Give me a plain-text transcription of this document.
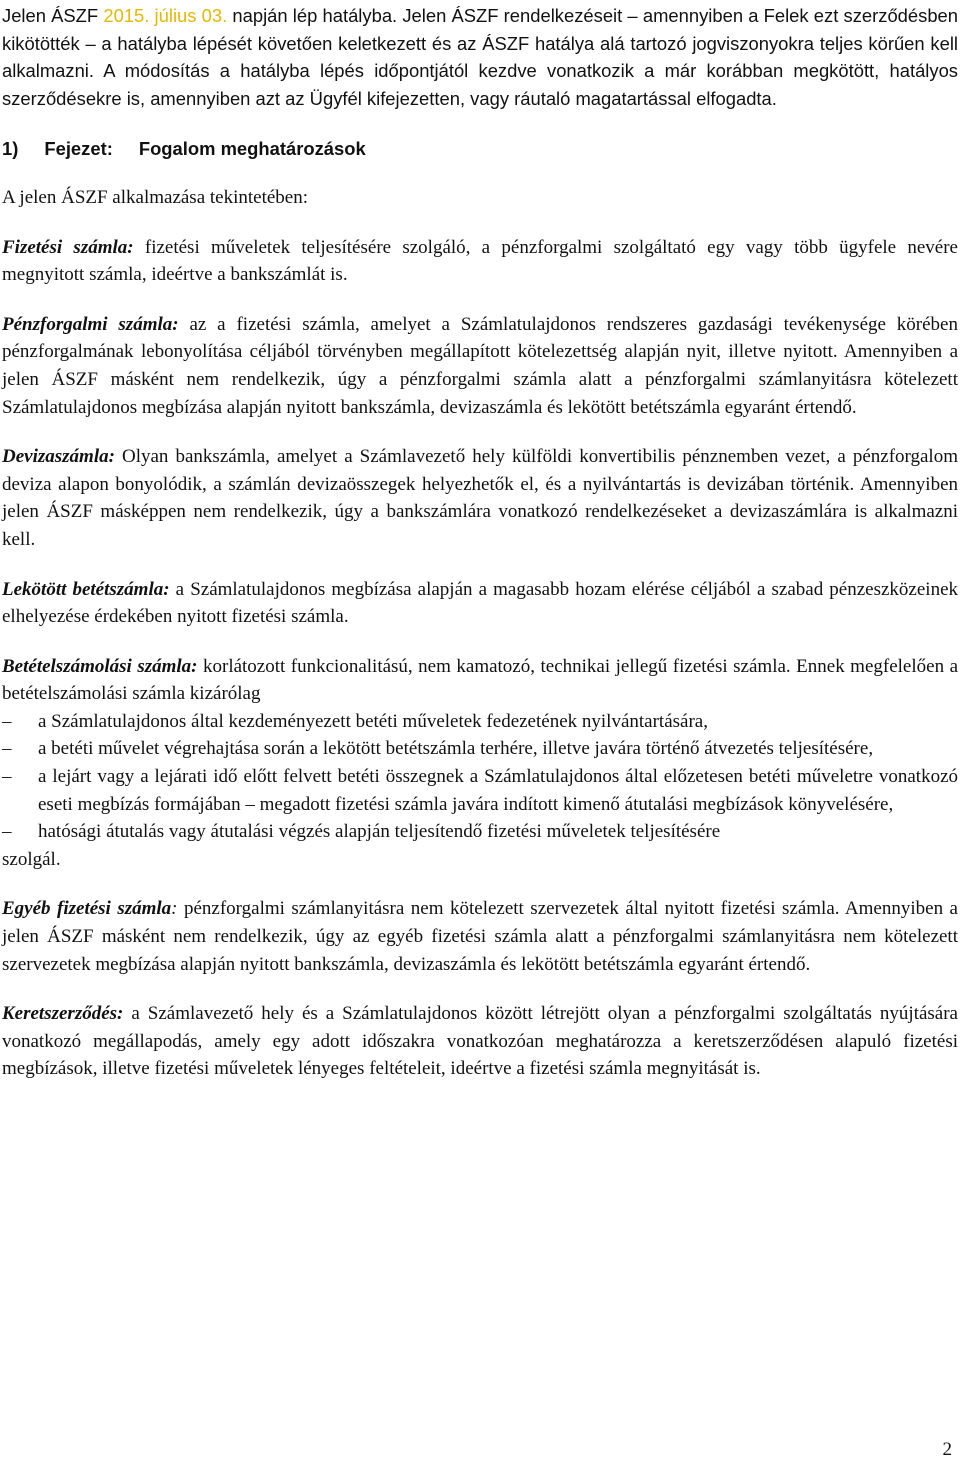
Jelen ÁSZF 2015. július 03. napján lép hatályba. Jelen ÁSZF rendelkezéseit – amennyiben a Felek ezt szerződésben kikötötték – a hatályba lépését követően keletkezett és az ÁSZF hatálya alá tartozó jogviszonyokra teljes körűen kell alkalmazni. A módosítás a hatályba lépés időpontjától kezdve vonatkozik a már korábban megkötött, hatályos szerződésekre is, amennyiben azt az Ügyfél kifejezetten, vagy ráutaló magatartással elfogadta.

1) Fejezet: Fogalom meghatározások

A jelen ÁSZF alkalmazása tekintetében:

Fizetési számla: fizetési műveletek teljesítésére szolgáló, a pénzforgalmi szolgáltató egy vagy több ügyfele nevére megnyitott számla, ideértve a bankszámlát is.

Pénzforgalmi számla: az a fizetési számla, amelyet a Számlatulajdonos rendszeres gazdasági tevékenysége körében pénzforgalmának lebonyolítása céljából törvényben megállapított kötelezettség alapján nyit, illetve nyitott. Amennyiben a jelen ÁSZF másként nem rendelkezik, úgy a pénzforgalmi számla alatt a pénzforgalmi számlanyitásra kötelezett Számlatulajdonos megbízása alapján nyitott bankszámla, devizaszámla és lekötött betétszámla egyaránt értendő.

Devizaszámla: Olyan bankszámla, amelyet a Számlavezető hely külföldi konvertibilis pénznemben vezet, a pénzforgalom deviza alapon bonyolódik, a számlán devizaösszegek helyezhetők el, és a nyilvántartás is devizában történik. Amennyiben jelen ÁSZF másképpen nem rendelkezik, úgy a bankszámlára vonatkozó rendelkezéseket a devizaszámlára is alkalmazni kell.

Lekötött betétszámla: a Számlatulajdonos megbízása alapján a magasabb hozam elérése céljából a szabad pénzeszközeinek elhelyezése érdekében nyitott fizetési számla.

Betételszámolási számla: korlátozott funkcionalitású, nem kamatozó, technikai jellegű fizetési számla. Ennek megfelelően a betételszámolási számla kizárólag

–	a Számlatulajdonos által kezdeményezett betéti műveletek fedezetének nyilvántartására,
–	a betéti művelet végrehajtása során a lekötött betétszámla terhére, illetve javára történő átvezetés teljesítésére,
–	a lejárt vagy a lejárati idő előtt felvett betéti összegnek a Számlatulajdonos által előzetesen betéti műveletre vonatkozó eseti megbízás formájában – megadott fizetési számla javára indított kimenő átutalási megbízások könyvelésére,
–	hatósági átutalás vagy átutalási végzés alapján teljesítendő fizetési műveletek teljesítésére

szolgál.

Egyéb fizetési számla: pénzforgalmi számlanyitásra nem kötelezett szervezetek által nyitott fizetési számla. Amennyiben a jelen ÁSZF másként nem rendelkezik, úgy az egyéb fizetési számla alatt a pénzforgalmi számlanyitásra nem kötelezett szervezetek megbízása alapján nyitott bankszámla, devizaszámla és lekötött betétszámla egyaránt értendő.

Keretszerződés: a Számlavezető hely és a Számlatulajdonos között létrejött olyan a pénzforgalmi szolgáltatás nyújtására vonatkozó megállapodás, amely egy adott időszakra vonatkozóan meghatározza a keretszerződésen alapuló fizetési megbízások, illetve fizetési műveletek lényeges feltételeit, ideértve a fizetési számla megnyitását is.

2
